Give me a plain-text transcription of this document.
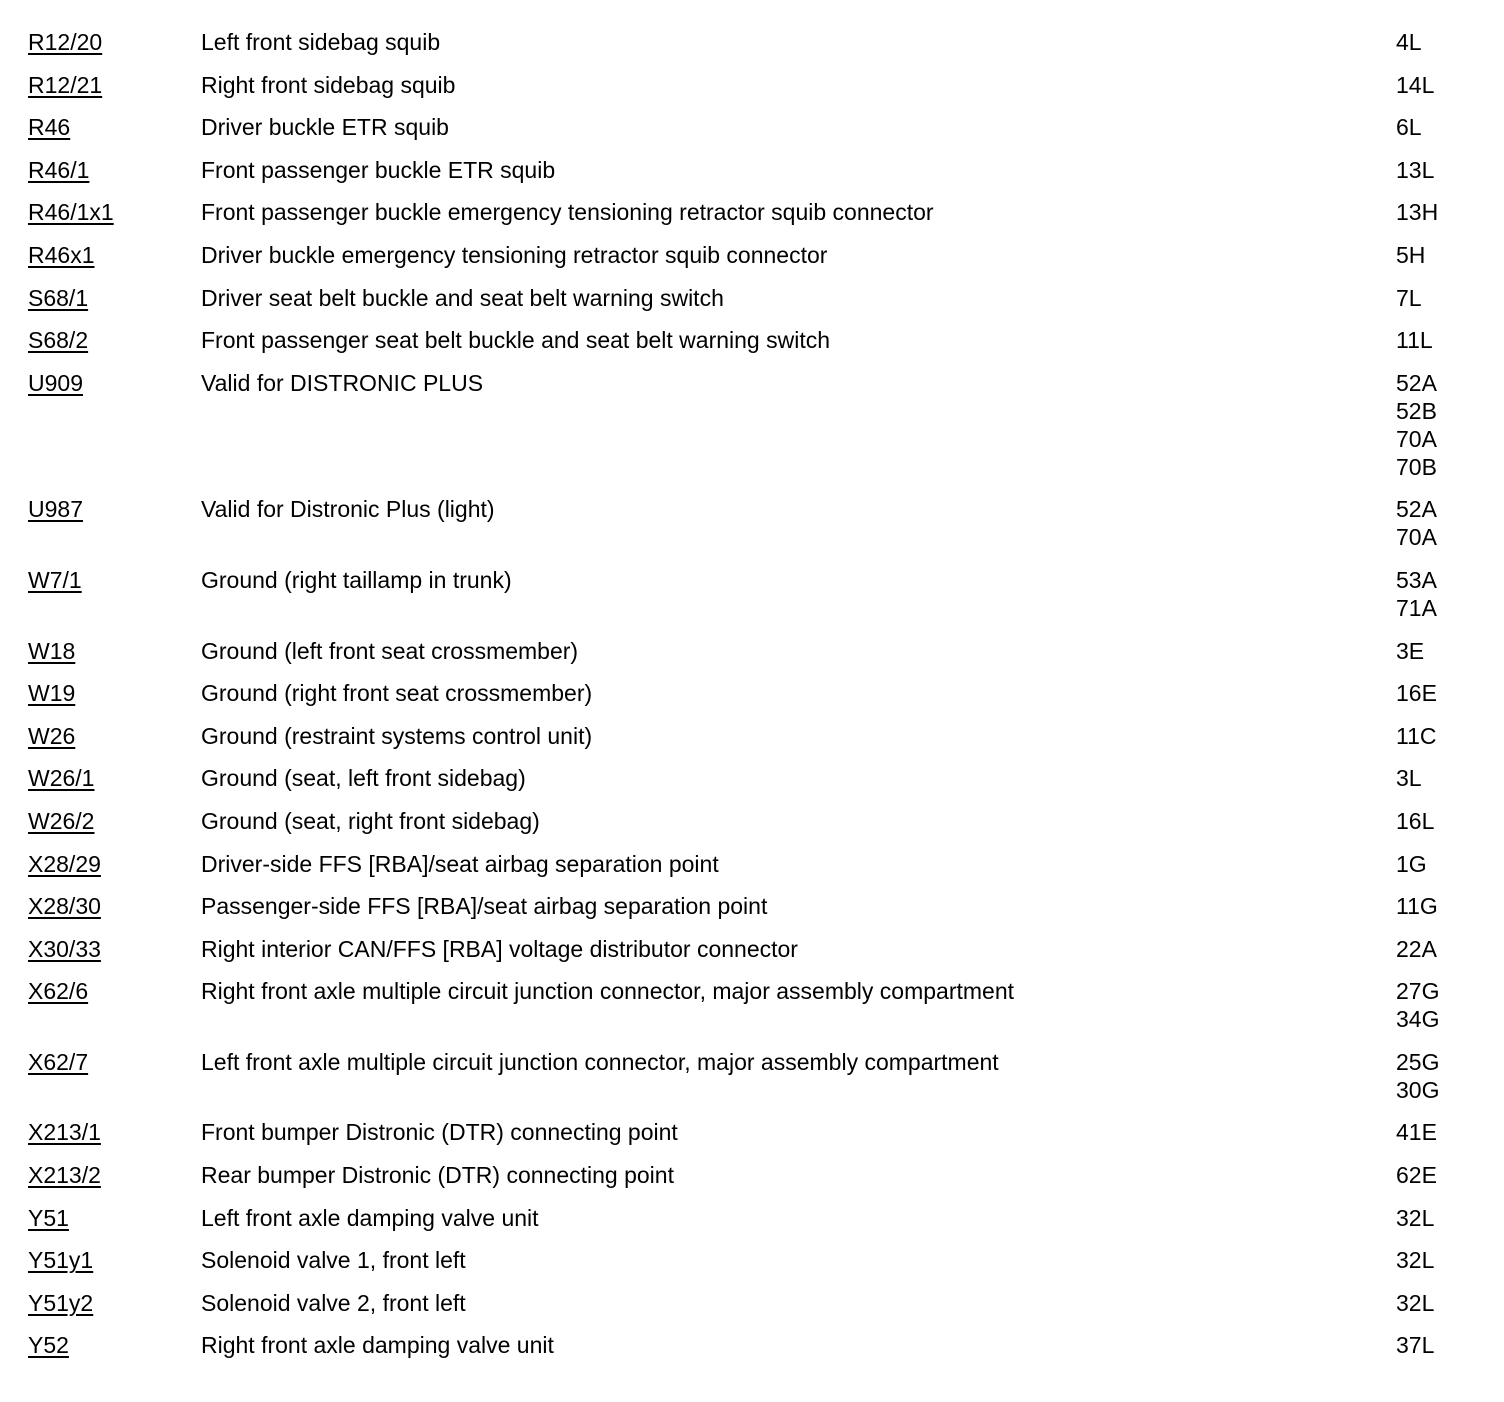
R12/20	Left front sidebag squib	4L
R12/21	Right front sidebag squib	14L
R46	Driver buckle ETR squib	6L
R46/1	Front passenger buckle ETR squib	13L
R46/1x1	Front passenger buckle emergency tensioning retractor squib connector	13H
R46x1	Driver buckle emergency tensioning retractor squib connector	5H
S68/1	Driver seat belt buckle and seat belt warning switch	7L
S68/2	Front passenger seat belt buckle and seat belt warning switch	11L
U909	Valid for DISTRONIC PLUS	52A
52B
70A
70B
U987	Valid for Distronic Plus (light)	52A
70A
W7/1	Ground (right taillamp in trunk)	53A
71A
W18	Ground (left front seat crossmember)	3E
W19	Ground (right front seat crossmember)	16E
W26	Ground (restraint systems control unit)	11C
W26/1	Ground (seat, left front sidebag)	3L
W26/2	Ground (seat, right front sidebag)	16L
X28/29	Driver-side FFS [RBA]/seat airbag separation point	1G
X28/30	Passenger-side FFS [RBA]/seat airbag separation point	11G
X30/33	Right interior CAN/FFS [RBA] voltage distributor connector	22A
X62/6	Right front axle multiple circuit junction connector, major assembly compartment	27G
34G
X62/7	Left front axle multiple circuit junction connector, major assembly compartment	25G
30G
X213/1	Front bumper Distronic (DTR) connecting point	41E
X213/2	Rear bumper Distronic (DTR) connecting point	62E
Y51	Left front axle damping valve unit	32L
Y51y1	Solenoid valve 1, front left	32L
Y51y2	Solenoid valve 2, front left	32L
Y52	Right front axle damping valve unit	37L
